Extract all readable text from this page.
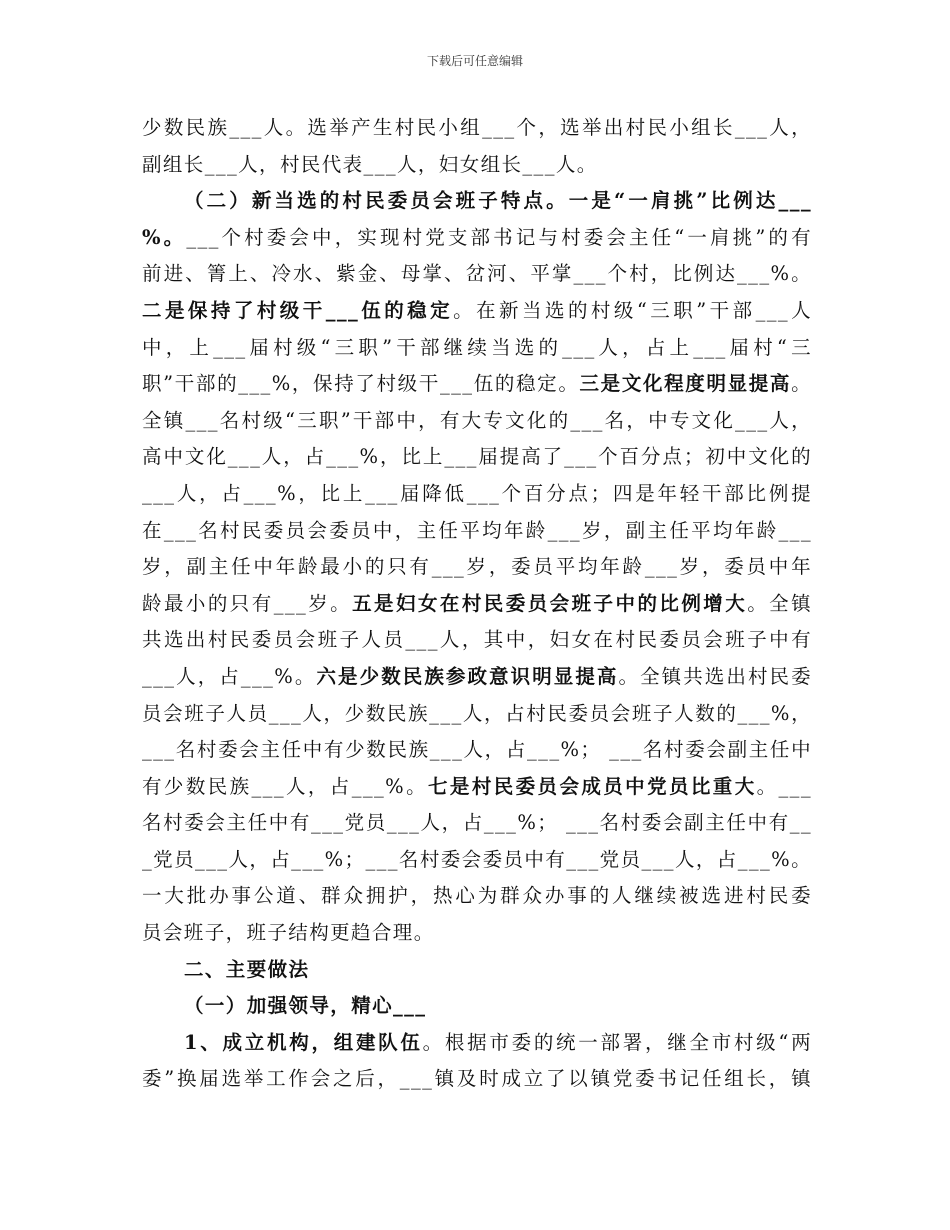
下载后可任意编辑
少数民族___人。选举产生村民小组___个，选举出村民小组长___人，
副组长___人，村民代表___人，妇女组长___人。
（二）新当选的村民委员会班子特点。一是“一肩挑”比例达___
%。___个村委会中，实现村党支部书记与村委会主任“一肩挑”的有
前进、箐上、冷水、紫金、母掌、岔河、平掌___个村，比例达___%。
二是保持了村级干___伍的稳定。在新当选的村级“三职”干部___人
中，上___届村级“三职”干部继续当选的___人，占上___届村“三
职”干部的___%，保持了村级干___伍的稳定。三是文化程度明显提高。
全镇___名村级“三职”干部中，有大专文化的___名，中专文化___人，
高中文化___人，占___%，比上___届提高了___个百分点；初中文化的
___人，占___%，比上___届降低___个百分点；四是年轻干部比例提
在___名村民委员会委员中，主任平均年龄___岁，副主任平均年龄___
岁，副主任中年龄最小的只有___岁，委员平均年龄___岁，委员中年
龄最小的只有___岁。五是妇女在村民委员会班子中的比例增大。全镇
共选出村民委员会班子人员___人，其中，妇女在村民委员会班子中有
___人，占___%。六是少数民族参政意识明显提高。全镇共选出村民委
员会班子人员___人，少数民族___人，占村民委员会班子人数的___%，
___名村委会主任中有少数民族___人，占___%； ___名村委会副主任中
有少数民族___人，占___%。七是村民委员会成员中党员比重大。___
名村委会主任中有___党员___人，占___%； ___名村委会副主任中有__
_党员___人，占___%；___名村委会委员中有___党员___人，占___%。
一大批办事公道、群众拥护，热心为群众办事的人继续被选进村民委
员会班子，班子结构更趋合理。
二、主要做法
（一）加强领导，精心___
1、成立机构，组建队伍。根据市委的统一部署，继全市村级“两
委”换届选举工作会之后，___镇及时成立了以镇党委书记任组长，镇
